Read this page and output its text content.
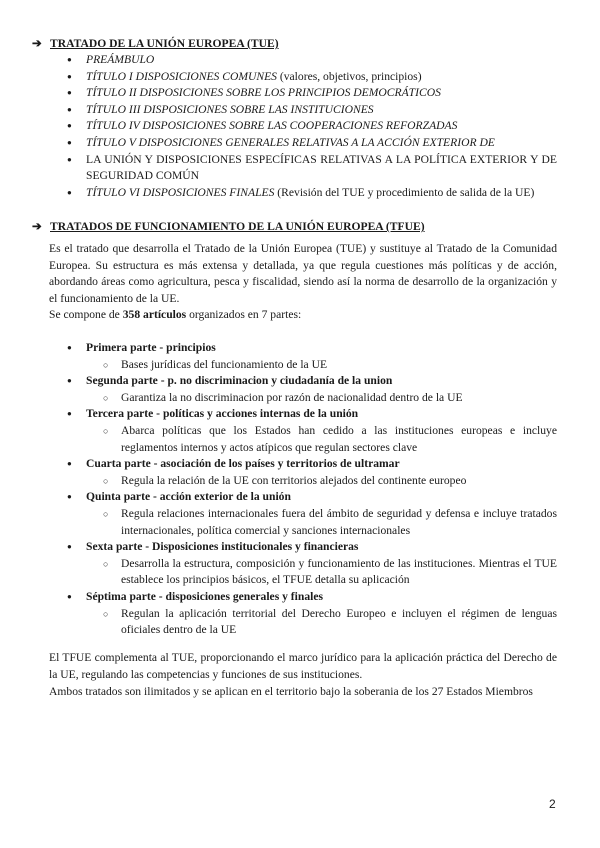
➔ TRATADO DE LA UNIÓN EUROPEA (TUE)
● PREÁMBULO
● TÍTULO I DISPOSICIONES COMUNES (valores, objetivos, principios)
● TÍTULO II DISPOSICIONES SOBRE LOS PRINCIPIOS DEMOCRÁTICOS
● TÍTULO III DISPOSICIONES SOBRE LAS INSTITUCIONES
● TÍTULO IV DISPOSICIONES SOBRE LAS COOPERACIONES REFORZADAS
● TÍTULO V DISPOSICIONES GENERALES RELATIVAS A LA ACCIÓN EXTERIOR DE
● LA UNIÓN Y DISPOSICIONES ESPECÍFICAS RELATIVAS A LA POLÍTICA EXTERIOR Y DE SEGURIDAD COMÚN
● TÍTULO VI DISPOSICIONES FINALES (Revisión del TUE y procedimiento de salida de la UE)
➔ TRATADOS DE FUNCIONAMIENTO DE LA UNIÓN EUROPEA (TFUE)
Es el tratado que desarrolla el Tratado de la Unión Europea (TUE) y sustituye al Tratado de la Comunidad Europea. Su estructura es más extensa y detallada, ya que regula cuestiones más políticas y de acción, abordando áreas como agricultura, pesca y fiscalidad, siendo así la norma de desarrollo de la organización y el funcionamiento de la UE.
Se compone de 358 artículos organizados en 7 partes:
● Primera parte - principios
○ Bases jurídicas del funcionamiento de la UE
● Segunda parte - p. no discriminacion y ciudadanía de la union
○ Garantiza la no discriminacion por razón de nacionalidad dentro de la UE
● Tercera parte - políticas y acciones internas de la unión
○ Abarca políticas que los Estados han cedido a las instituciones europeas e incluye reglamentos internos y actos atípicos que regulan sectores clave
● Cuarta parte - asociación de los países y territorios de ultramar
○ Regula la relación de la UE con territorios alejados del continente europeo
● Quinta parte - acción exterior de la unión
○ Regula relaciones internacionales fuera del ámbito de seguridad y defensa e incluye tratados internacionales, política comercial y sanciones internacionales
● Sexta parte - Disposiciones institucionales y financieras
○ Desarrolla la estructura, composición y funcionamiento de las instituciones. Mientras el TUE establece los principios básicos, el TFUE detalla su aplicación
● Séptima parte - disposiciones generales y finales
○ Regulan la aplicación territorial del Derecho Europeo e incluyen el régimen de lenguas oficiales dentro de la UE
El TFUE complementa al TUE, proporcionando el marco jurídico para la aplicación práctica del Derecho de la UE, regulando las competencias y funciones de sus instituciones.
Ambos tratados son ilimitados y se aplican en el territorio bajo la soberania de los 27 Estados Miembros
2
